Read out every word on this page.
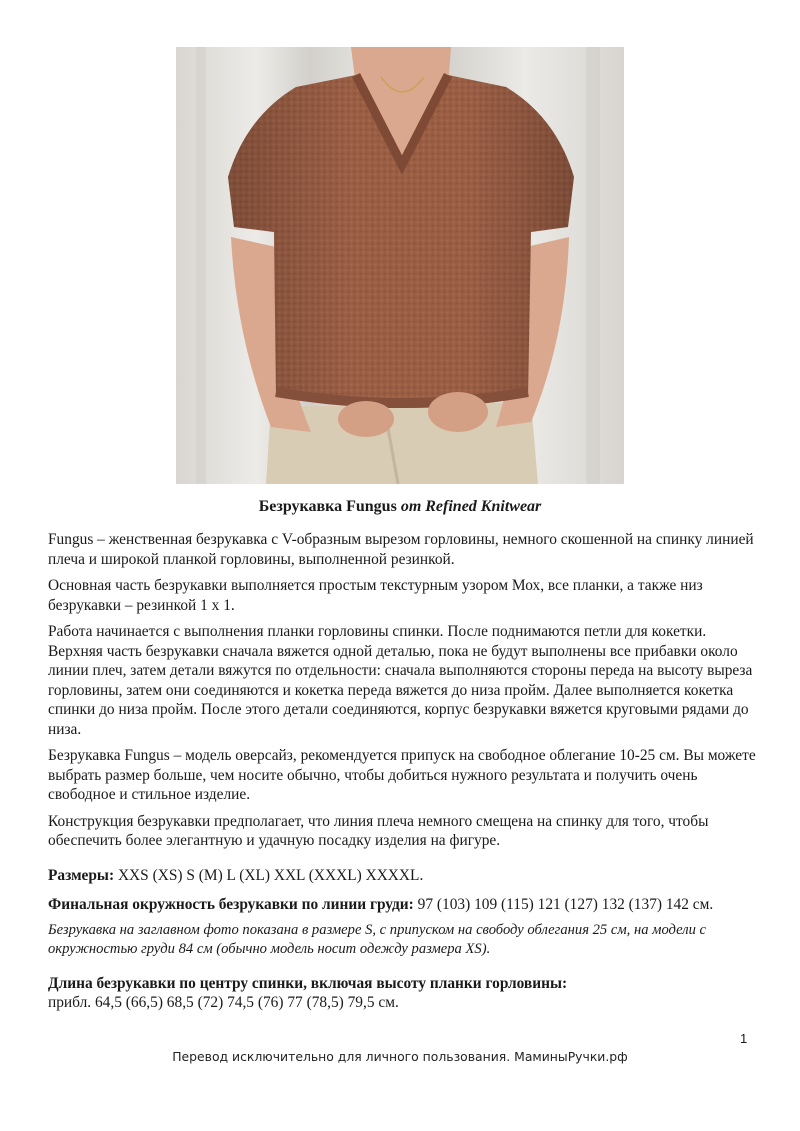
Безрукавка Fungus от Refined Knitwear

Fungus – женственная безрукавка с V-образным вырезом горловины, немного скошенной на спинку линией плеча и широкой планкой горловины, выполненной резинкой.

Основная часть безрукавки выполняется простым текстурным узором Мох, все планки, а также низ безрукавки – резинкой 1 х 1.

Работа начинается с выполнения планки горловины спинки. После поднимаются петли для кокетки. Верхняя часть безрукавки сначала вяжется одной деталью, пока не будут выполнены все прибавки около линии плеч, затем детали вяжутся по отдельности: сначала выполняются стороны переда на высоту выреза горловины, затем они соединяются и кокетка переда вяжется до низа пройм. Далее выполняется кокетка спинки до низа пройм. После этого детали соединяются, корпус безрукавки вяжется круговыми рядами до низа.

Безрукавка Fungus – модель оверсайз, рекомендуется припуск на свободное облегание 10-25 см. Вы можете выбрать размер больше, чем носите обычно, чтобы добиться нужного результата и получить очень свободное и стильное изделие.

Конструкция безрукавки предполагает, что линия плеча немного смещена на спинку для того, чтобы обеспечить более элегантную и удачную посадку изделия на фигуре.

Размеры: XXS (XS) S (M) L (XL) XXL (XXXL) XXXXL.

Финальная окружность безрукавки по линии груди: 97 (103) 109 (115) 121 (127) 132 (137) 142 см.

Безрукавка на заглавном фото показана в размере S, с припуском на свободу облегания 25 см, на модели с окружностью груди 84 см (обычно модель носит одежду размера XS).

Длина безрукавки по центру спинки, включая высоту планки горловины:
прибл. 64,5 (66,5) 68,5 (72) 74,5 (76) 77 (78,5) 79,5 см.

1
Перевод исключительно для личного пользования. МаминыРучки.рф
